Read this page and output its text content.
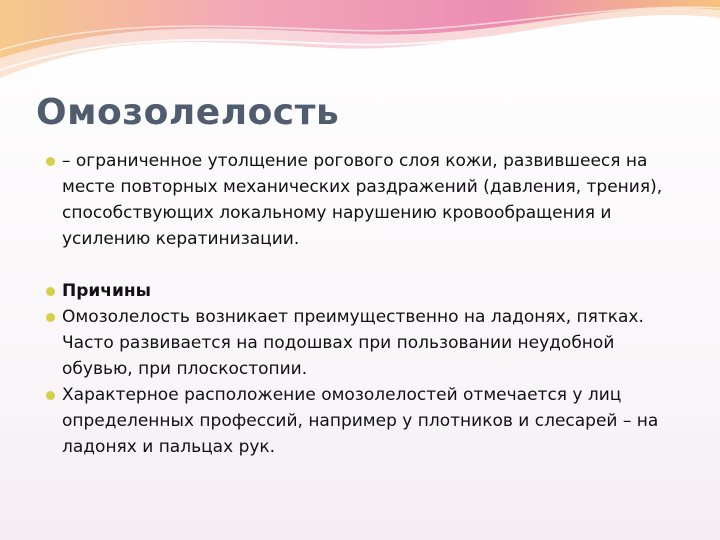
Омозолелость
– ограниченное утолщение рогового слоя кожи, развившееся на месте повторных механических раздражений (давления, трения), способствующих локальному нарушению кровообращения и усилению кератинизации.
Причины
Омозолелость возникает преимущественно на ладонях, пятках. Часто развивается на подошвах при пользовании неудобной обувью, при плоскостопии.
Характерное расположение омозолелостей отмечается у лиц определенных профессий, например у плотников и слесарей – на ладонях и пальцах рук.
